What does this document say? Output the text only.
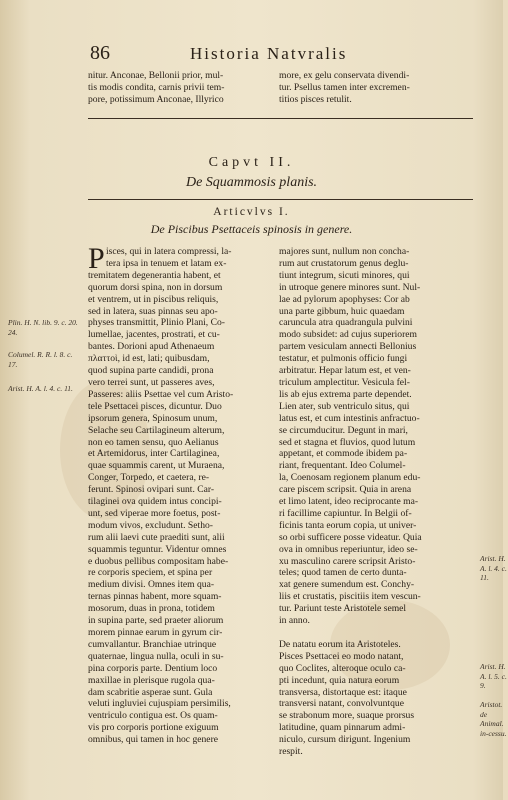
86	Historia Natvralis
nitur. Anconae, Bellonii prior, mul-
tis modis condita, carnis privii tem-
pore, potissimum Anconae, Illyrico
more, ex gelu conservata divendi-
tur. Psellus tamen inter excremen-
titios pisces retulit.
Capvt II.
De Squammosis planis.
Articvlvs I.
De Piscibus Psettaceis spinosis in genere.
P isces, qui in latera compressi, la-
tera ipsa in tenuem et latam ex-
tremitatem degenerantia habent, et
quorum dorsi spina, non in dorsum
et ventrem, ut in piscibus reliquis,
sed in latera, suas pinnas seu apo-
physes transmittit, Plinio Plani, Co-
lumellae, jacentes, prostrati, et cu-
bantes. Dorioni apud Athenaeum
πλαττοὶ, id est, lati; quibusdam,
quod supina parte candidi, prona
vero terrei sunt, ut passeres aves,
Passeres: aliis Psettae vel cum Aristo-
tele Psettacei pisces, dicuntur. Duo
ipsorum genera, Spinosum unum,
Selache seu Cartilagineum alterum,
non eo tamen sensu, quo Aelianus
et Artemidorus, inter Cartilaginea,
quae squammis carent, ut Muraena,
Conger, Torpedo, et caetera, re-
ferunt. Spinosi ovipari sunt. Car-
tilaginei ova quidem intus concipi-
unt, sed viperae more foetus, post-
modum vivos, excludunt. Setho-
rum alii laevi cute praediti sunt, alii
squammis teguntur. Videntur omnes
e duobus pellibus compositam habe-
re corporis speciem, et spina per
medium divisi. Omnes item qua-
ternas pinnas habent, more squam-
mosorum, duas in prona, totidem
in supina parte, sed praeter aliorum
morem pinnae earum in gyrum cir-
cumvallantur. Branchiae utrinque
quaternae, lingua nulla, oculi in su-
pina corporis parte. Dentium loco
maxillae in plerisque rugola qua-
dam scabritie asperae sunt. Gula
veluti ingluviei cujuspiam persimilis,
ventriculo contigua est. Os quam-
vis pro corporis portione exiguum
omnibus, qui tamen in hoc genere
majores sunt, nullum non concha-
rum aut crustatorum genus deglu-
tiunt integrum, sicuti minores, qui
in utroque genere minores sunt. Nul-
lae ad pylorum apophyses: Cor ab
una parte gibbum, huic quaedam
caruncula atra quadrangula pulvini
modo subsidet: ad cujus superiorem
partem vesiculam annecti Bellonius
testatur, et pulmonis officio fungi
arbitratur. Hepar latum est, et ven-
triculum amplectitur. Vesicula fel-
lis ab ejus extrema parte dependet.
Lien ater, sub ventriculo situs, qui
latus est, et cum intestinis anfractuo-
se circumducitur. Degunt in mari,
sed et stagna et fluvios, quod lutum
appetant, et commode ibidem pa-
riant, frequentant. Ideo Columel-
la, Coenosam regionem planum edu-
care piscem scripsit. Quia in arena
et limo latent, ideo reciprocante ma-
ri facillime capiuntur. In Belgii of-
ficinis tanta eorum copia, ut univer-
so orbi sufficere posse videatur. Quia
ova in omnibus reperiuntur, ideo se-
xu masculino carere scripsit Aristo-
teles; quod tamen de certo dunta-
xat genere sumendum est. Conchy-
liis et crustatis, piscitiis item vescun-
tur. Pariunt teste Aristotele semel
in anno.

De natatu eorum ita Aristoteles.
Pisces Psettacei eo modo natant,
quo Coclites, alteroque oculo ca-
pti incedunt, quia natura eorum
transversa, distortaque est: itaque
transversi natant, convolvuntque
se strabonum more, suaque prorsus
latitudine, quam pinnarum admi-
niculo, cursum dirigunt. Ingenium
respit.
Plin. H. N. lib. 9. c. 20. 24.
Columel. R. R. l. 8. c. 17.
Arist. H. A. l. 4. c. 11.
Arist. H. A. l. 4. c. 11.
Arist. H. A. l. 5. c. 9.
Aristot. de Animal. in-cessu.
